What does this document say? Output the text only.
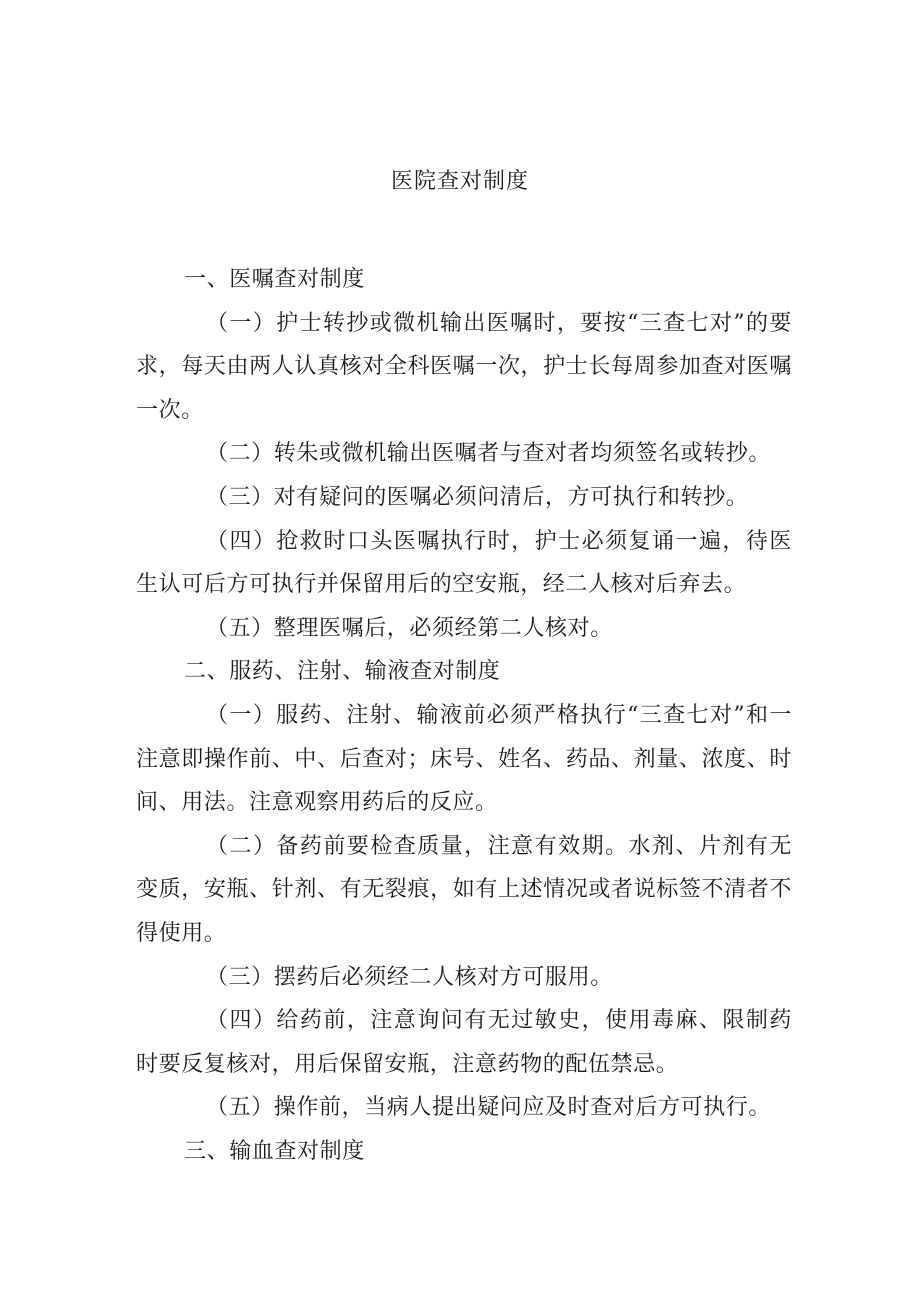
医院查对制度

一、医嘱查对制度

（一）护士转抄或微机输出医嘱时，要按“三查七对”的要求，每天由两人认真核对全科医嘱一次，护士长每周参加查对医嘱一次。

（二）转朱或微机输出医嘱者与查对者均须签名或转抄。

（三）对有疑问的医嘱必须问清后，方可执行和转抄。

（四）抢救时口头医嘱执行时，护士必须复诵一遍，待医生认可后方可执行并保留用后的空安瓶，经二人核对后弃去。

（五）整理医嘱后，必须经第二人核对。

二、服药、注射、输液查对制度

（一）服药、注射、输液前必须严格执行“三查七对”和一注意即操作前、中、后查对；床号、姓名、药品、剂量、浓度、时间、用法。注意观察用药后的反应。

（二）备药前要检查质量，注意有效期。水剂、片剂有无变质，安瓶、针剂、有无裂痕，如有上述情况或者说标签不清者不得使用。

（三）摆药后必须经二人核对方可服用。

（四）给药前，注意询问有无过敏史，使用毒麻、限制药时要反复核对，用后保留安瓶，注意药物的配伍禁忌。

（五）操作前，当病人提出疑问应及时查对后方可执行。

三、输血查对制度
